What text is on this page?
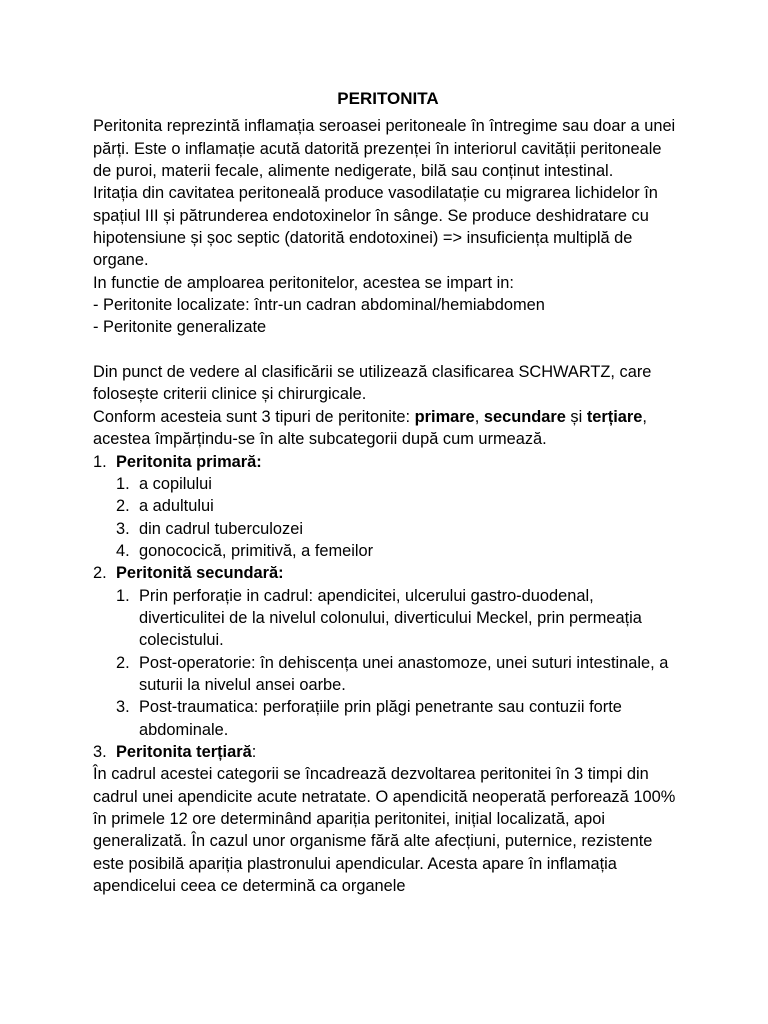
PERITONITA

Peritonita reprezintă inflamația seroasei peritoneale în întregime sau doar a unei părți. Este o inflamație acută datorită prezenței în interiorul cavității peritoneale de puroi, materii fecale, alimente nedigerate, bilă sau conținut intestinal.

Iritația din cavitatea peritoneală produce vasodilatație cu migrarea lichidelor în spațiul III și pătrunderea endotoxinelor în sânge. Se produce deshidratare cu hipotensiune și șoc septic (datorită endotoxinei) => insuficiența multiplă de organe.

In functie de amploarea peritonitelor, acestea se impart in:

- Peritonite localizate: într-un cadran abdominal/hemiabdomen

- Peritonite generalizate

Din punct de vedere al clasificării se utilizează clasificarea SCHWARTZ, care folosește criterii clinice și chirurgicale.

Conform acesteia sunt 3 tipuri de peritonite: primare, secundare și terțiare, acestea împărțindu-se în alte subcategorii după cum urmează.

1. Peritonita primară:
1. a copilului
2. a adultului
3. din cadrul tuberculozei
4. gonococică, primitivă, a femeilor
2. Peritonită secundară:
1. Prin perforație in cadrul: apendicitei, ulcerului gastro-duodenal, diverticulitei de la nivelul colonului, diverticului Meckel, prin permeația colecistului.
2. Post-operatorie: în dehiscența unei anastomoze, unei suturi intestinale, a suturii la nivelul ansei oarbe.
3. Post-traumatica: perforațiile prin plăgi penetrante sau contuzii forte abdominale.
3. Peritonita terțiară:

În cadrul acestei categorii se încadrează dezvoltarea peritonitei în 3 timpi din cadrul unei apendicite acute netratate. O apendicită neoperată perforează 100% în primele 12 ore determinând apariția peritonitei, inițial localizată, apoi generalizată. În cazul unor organisme fără alte afecțiuni, puternice, rezistente este posibilă apariția plastronului apendicular. Acesta apare în inflamația apendicelui ceea ce determină ca organele
